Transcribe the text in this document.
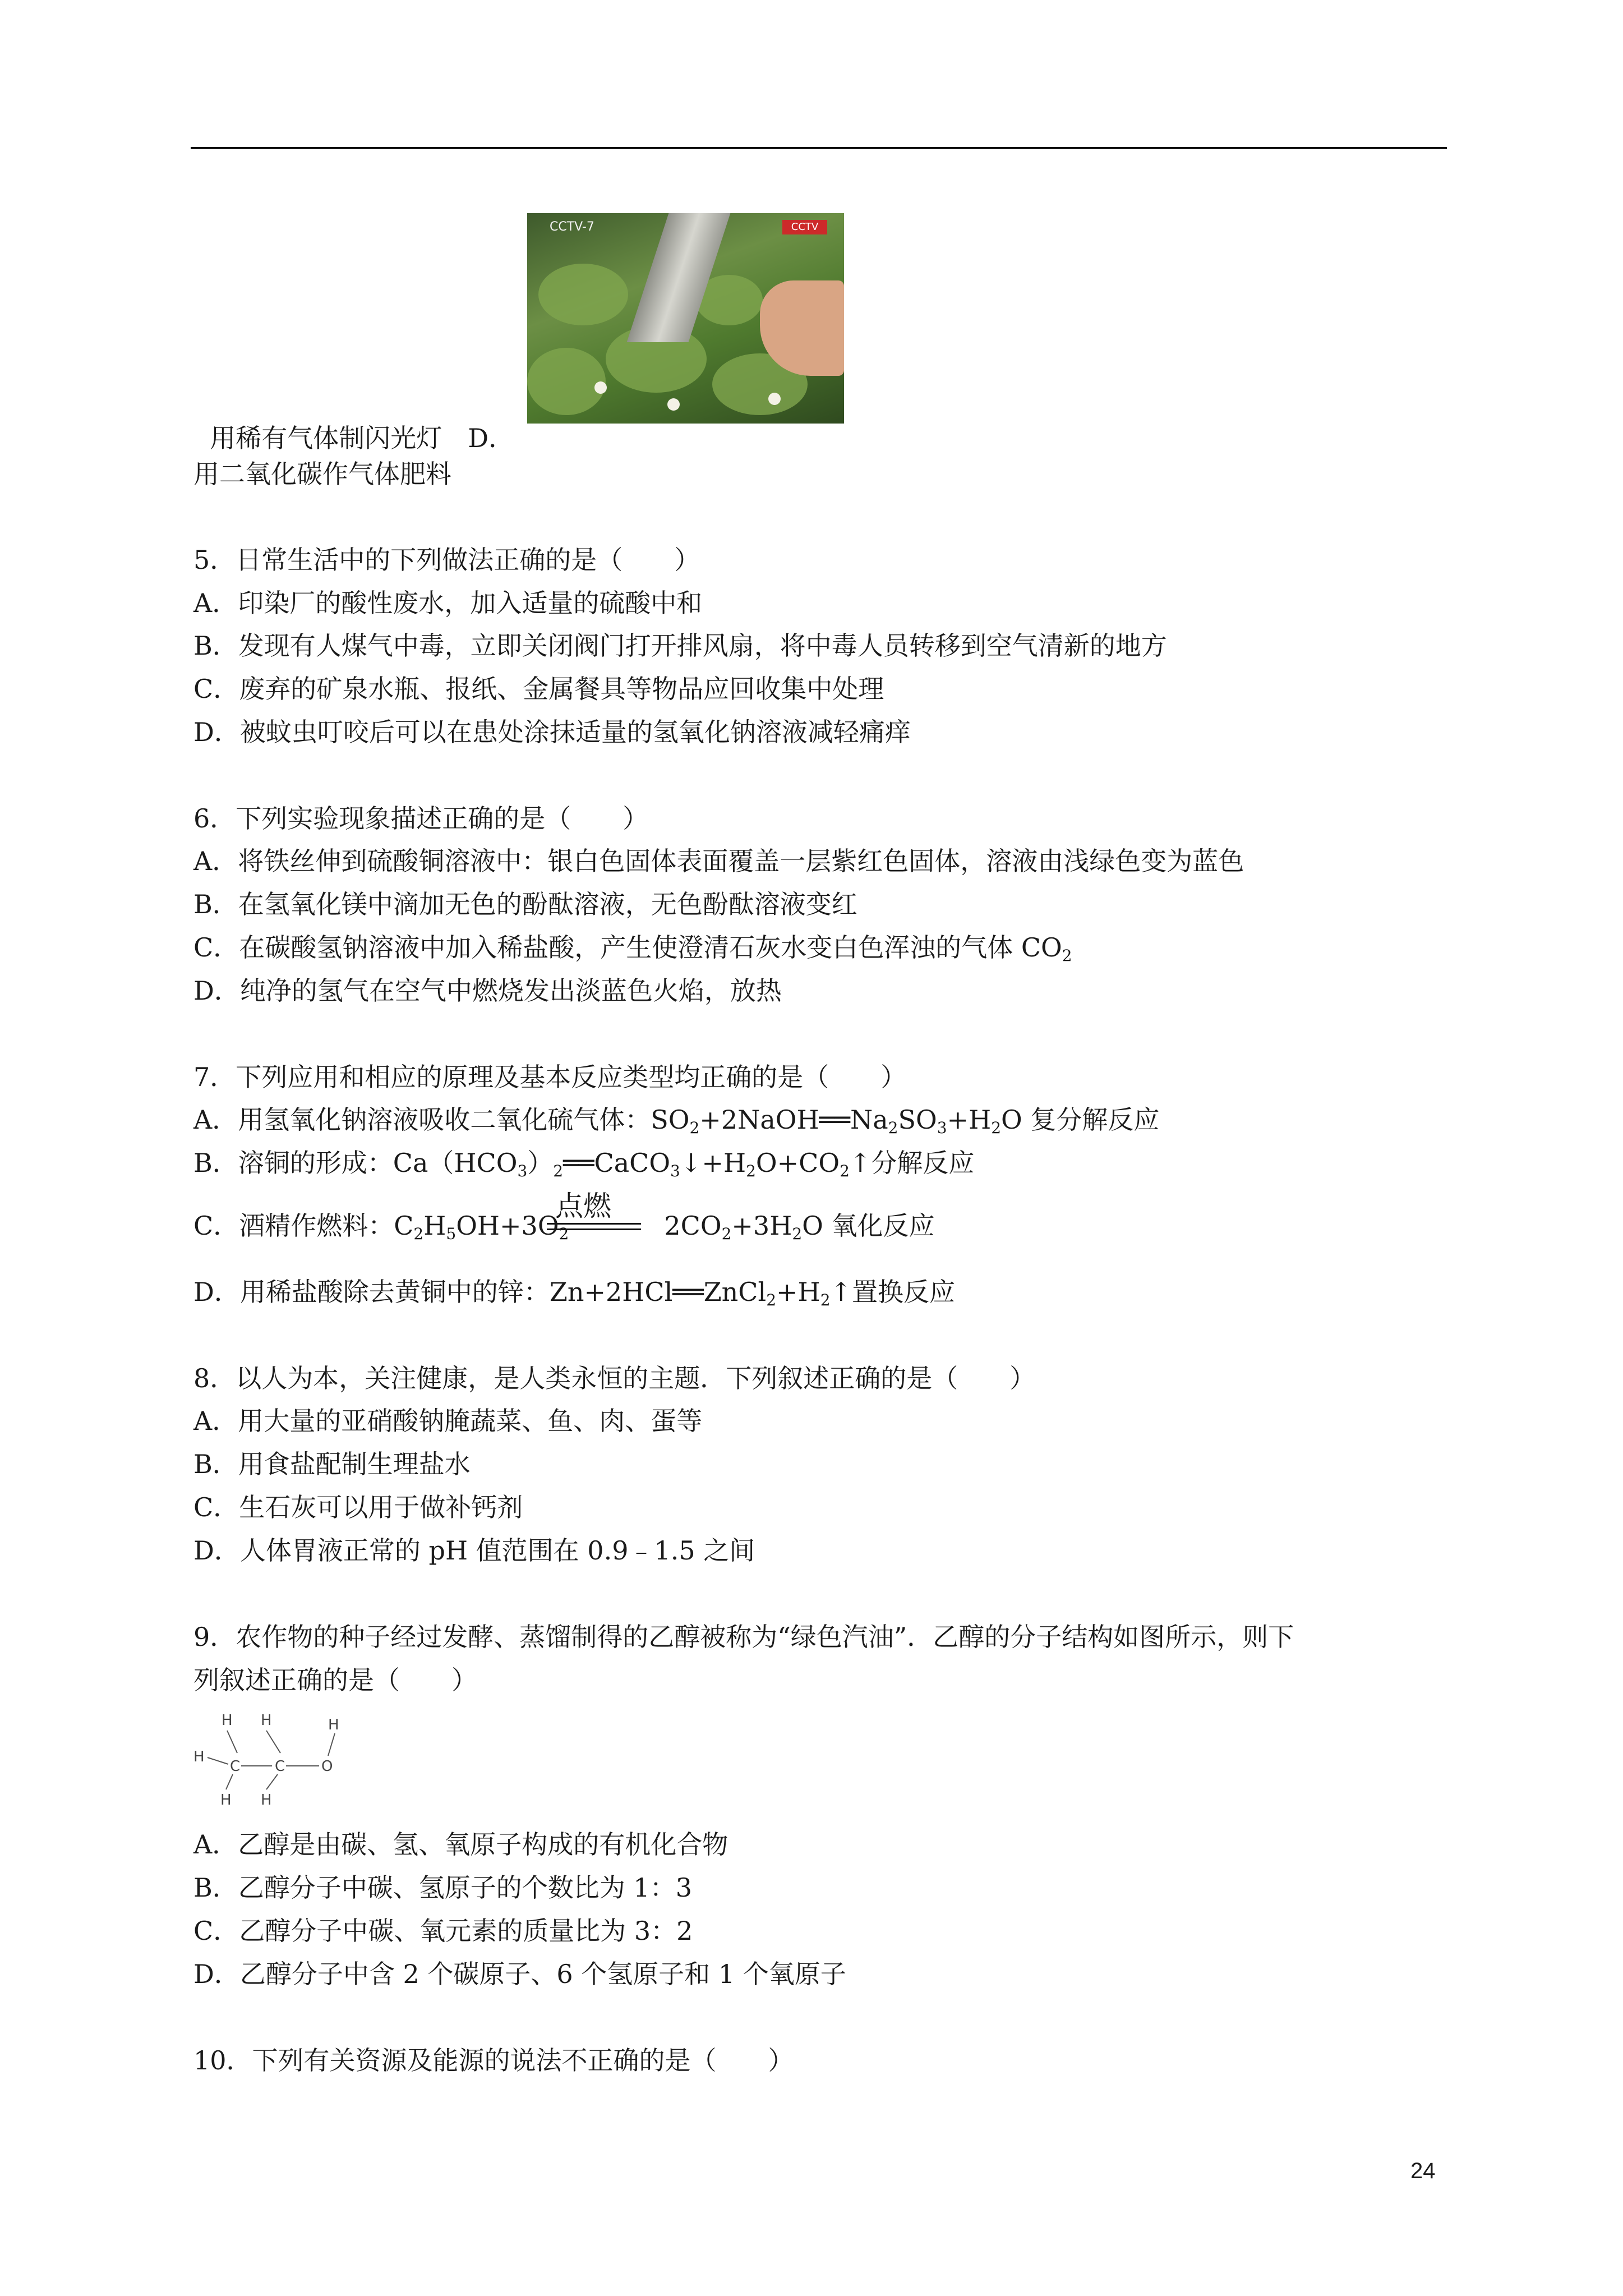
CCTV-7	CCTV

用稀有气体制闪光灯　 D．

用二氧化碳作气体肥料
5．日常生活中的下列做法正确的是（　　）
A．印染厂的酸性废水，加入适量的硫酸中和
B．发现有人煤气中毒，立即关闭阀门打开排风扇，将中毒人员转移到空气清新的地方
C．废弃的矿泉水瓶、报纸、金属餐具等物品应回收集中处理
D．被蚊虫叮咬后可以在患处涂抹适量的氢氧化钠溶液减轻痛痒
6．下列实验现象描述正确的是（　　）
A．将铁丝伸到硫酸铜溶液中：银白色固体表面覆盖一层紫红色固体，溶液由浅绿色变为蓝色
B．在氢氧化镁中滴加无色的酚酞溶液，无色酚酞溶液变红
C．在碳酸氢钠溶液中加入稀盐酸，产生使澄清石灰水变白色浑浊的气体 $CO_2$
D．纯净的氢气在空气中燃烧发出淡蓝色火焰，放热
7．下列应用和相应的原理及基本反应类型均正确的是（　　）
A．用氢氧化钠溶液吸收二氧化硫气体：$SO_2+2NaOH══Na_2SO_3+H_2O$ 复分解反应
B．溶铜的形成：$Ca(HCO_3)_2══CaCO_3↓+H_2O+CO_2↑$分解反应
点燃
C．酒精作燃料：$C_2H_5OH+3O_2$	$2CO_2+3H_2O$ 氧化反应
D．用稀盐酸除去黄铜中的锌：$Zn+2HCl══ZnCl_2+H_2↑$置换反应
8．以人为本，关注健康，是人类永恒的主题．下列叙述正确的是（　　）
A．用大量的亚硝酸钠腌蔬菜、鱼、肉、蛋等
B．用食盐配制生理盐水
C．生石灰可以用于做补钙剂
D．人体胃液正常的 pH 值范围在 0.9﹣1.5 之间
9．农作物的种子经过发酵、蒸馏制得的乙醇被称为“绿色汽油”．乙醇的分子结构如图所示，则下
列叙述正确的是（　　）
H H	H
H
C C O
H H
A．乙醇是由碳、氢、氧原子构成的有机化合物
B．乙醇分子中碳、氢原子的个数比为 1：3
C．乙醇分子中碳、氧元素的质量比为 3：2
D．乙醇分子中含 2 个碳原子、6 个氢原子和 1 个氧原子
10．下列有关资源及能源的说法不正确的是（　　）
24
